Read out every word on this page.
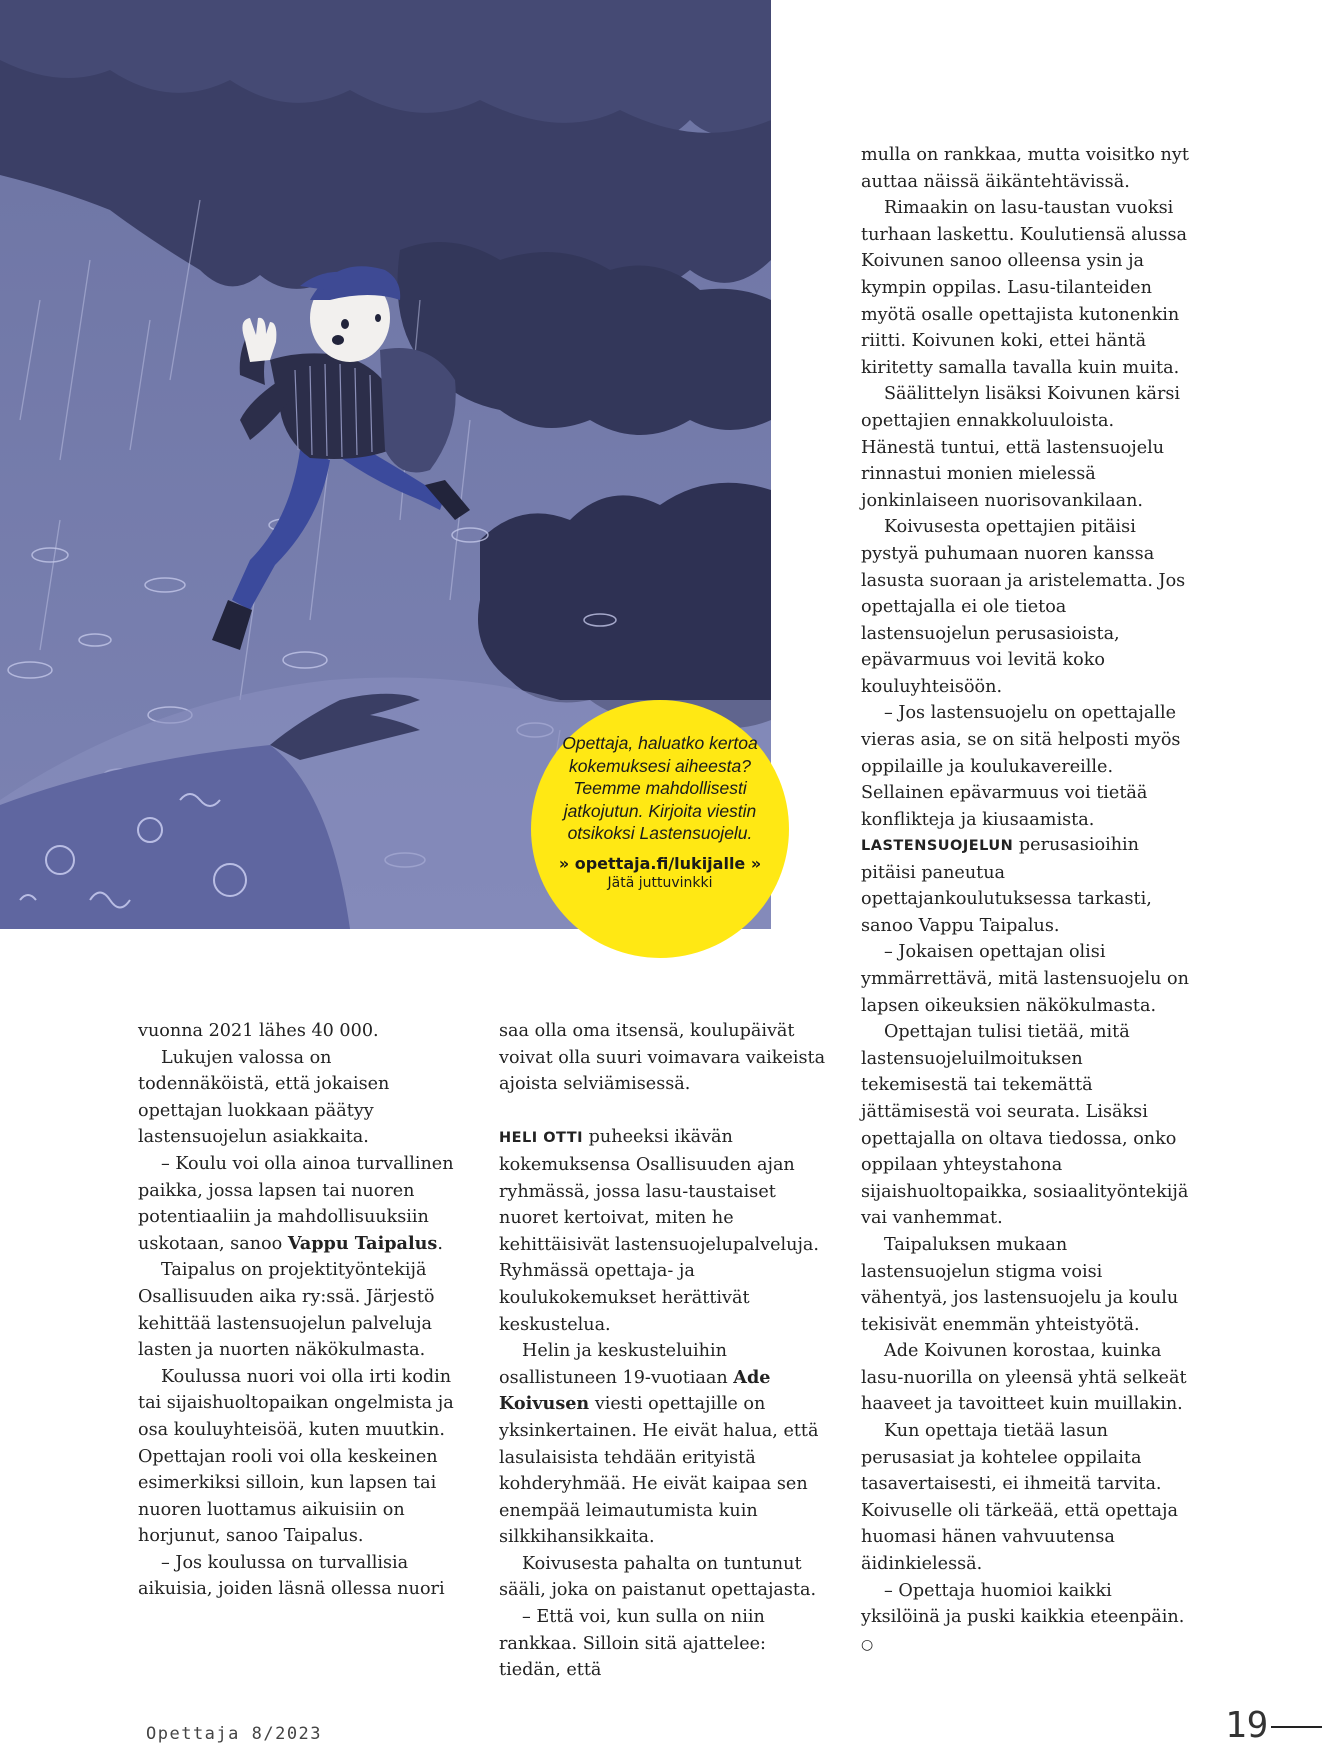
Opettaja, haluatko kertoa kokemuksesi aiheesta? Teemme mahdollisesti jatkojutun. Kirjoita viestin otsikoksi Lastensuojelu.
» opettaja.fi/lukijalle »
Jätä juttuvinkki

mulla on rankkaa, mutta voisitko nyt auttaa näissä äikäntehtävissä.

Rimaakin on lasu-taustan vuoksi turhaan laskettu. Koulutiensä alussa Koivunen sanoo olleensa ysin ja kympin oppilas. Lasu-tilanteiden myötä osalle opettajista kutonenkin riitti. Koivunen koki, ettei häntä kiritetty samalla tavalla kuin muita.

Säälittelyn lisäksi Koivunen kärsi opettajien ennakkoluuloista. Hänestä tuntui, että lastensuojelu rinnastui monien mielessä jonkinlaiseen nuorisovankilaan.

Koivusesta opettajien pitäisi pystyä puhumaan nuoren kanssa lasusta suoraan ja aristelematta. Jos opettajalla ei ole tietoa lastensuojelun perusasioista, epävarmuus voi levitä koko kouluyhteisöön.

– Jos lastensuojelu on opettajalle vieras asia, se on sitä helposti myös oppilaille ja koulukavereille. Sellainen epävarmuus voi tietää konflikteja ja kiusaamista.

LASTENSUOJELUN perusasioihin pitäisi paneutua opettajankoulutuksessa tarkasti, sanoo Vappu Taipalus.

– Jokaisen opettajan olisi ymmärrettävä, mitä lastensuojelu on lapsen oikeuksien näkökulmasta.

Opettajan tulisi tietää, mitä lastensuojeluilmoituksen tekemisestä tai tekemättä jättämisestä voi seurata. Lisäksi opettajalla on oltava tiedossa, onko oppilaan yhteystahona sijaishuoltopaikka, sosiaalityöntekijä vai vanhemmat.

Taipaluksen mukaan lastensuojelun stigma voisi vähentyä, jos lastensuojelu ja koulu tekisivät enemmän yhteistyötä.

Ade Koivunen korostaa, kuinka lasu-nuorilla on yleensä yhtä selkeät haaveet ja tavoitteet kuin muillakin.

Kun opettaja tietää lasun perusasiat ja kohtelee oppilaita tasavertaisesti, ei ihmeitä tarvita. Koivuselle oli tärkeää, että opettaja huomasi hänen vahvuutensa äidinkielessä.

– Opettaja huomioi kaikki yksilöinä ja puski kaikkia eteenpäin. ○

vuonna 2021 lähes 40 000.

Lukujen valossa on todennäköistä, että jokaisen opettajan luokkaan päätyy lastensuojelun asiakkaita.

– Koulu voi olla ainoa turvallinen paikka, jossa lapsen tai nuoren potentiaaliin ja mahdollisuuksiin uskotaan, sanoo Vappu Taipalus.

Taipalus on projektityöntekijä Osallisuuden aika ry:ssä. Järjestö kehittää lastensuojelun palveluja lasten ja nuorten näkökulmasta.

Koulussa nuori voi olla irti kodin tai sijaishuoltopaikan ongelmista ja osa kouluyhteisöä, kuten muutkin. Opettajan rooli voi olla keskeinen esimerkiksi silloin, kun lapsen tai nuoren luottamus aikuisiin on horjunut, sanoo Taipalus.

– Jos koulussa on turvallisia aikuisia, joiden läsnä ollessa nuori

saa olla oma itsensä, koulupäivät voivat olla suuri voimavara vaikeista ajoista selviämisessä.

HELI OTTI puheeksi ikävän kokemuksensa Osallisuuden ajan ryhmässä, jossa lasu-taustaiset nuoret kertoivat, miten he kehittäisivät lastensuojelupalveluja. Ryhmässä opettaja- ja koulukokemukset herättivät keskustelua.

Helin ja keskusteluihin osallistuneen 19-vuotiaan Ade Koivusen viesti opettajille on yksinkertainen. He eivät halua, että lasulaisista tehdään erityistä kohderyhmää. He eivät kaipaa sen enempää leimautumista kuin silkkihansikkaita.

Koivusesta pahalta on tuntunut sääli, joka on paistanut opettajasta.

– Että voi, kun sulla on niin rankkaa. Silloin sitä ajattelee: tiedän, että

Opettaja 8/2023	19
